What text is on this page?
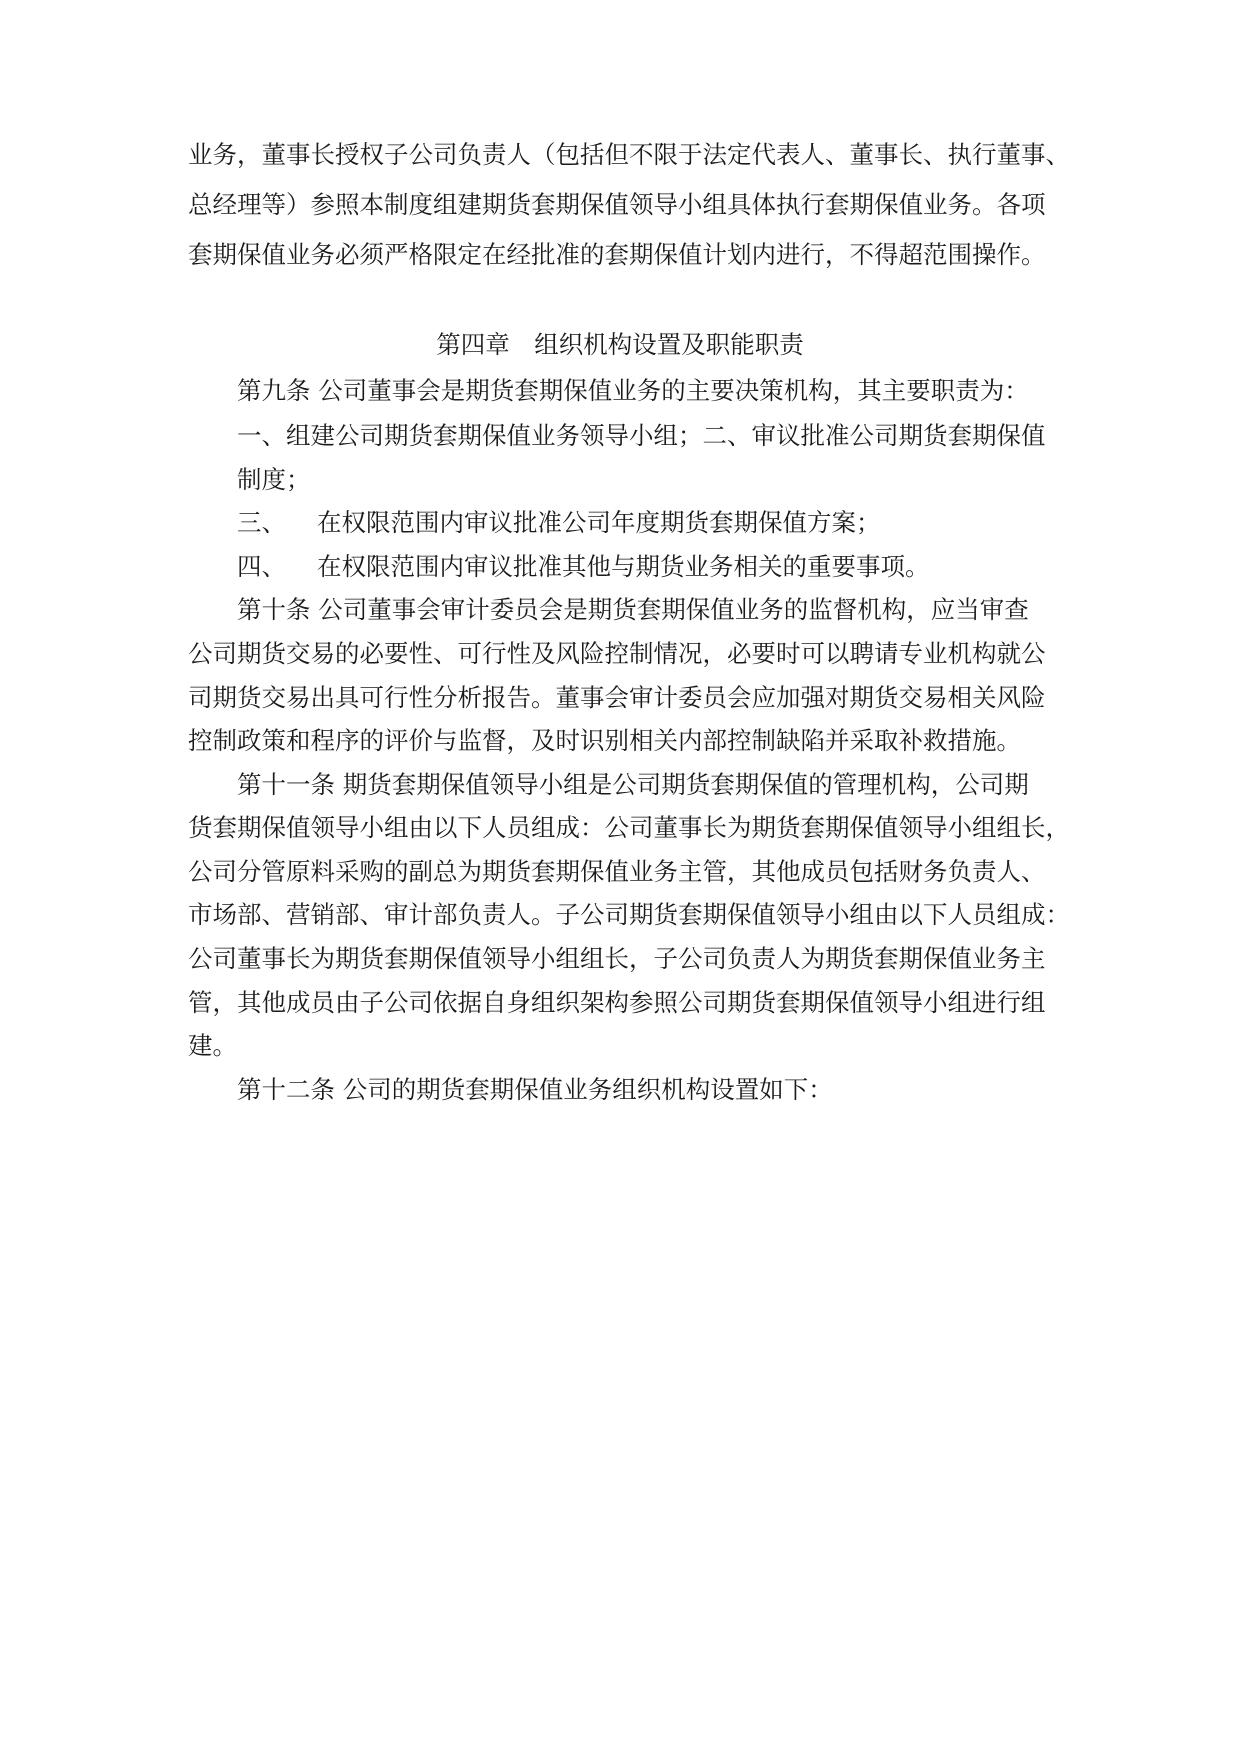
业务，董事长授权子公司负责人（包括但不限于法定代表人、董事长、执行董事、
总经理等）参照本制度组建期货套期保值领导小组具体执行套期保值业务。各项
套期保值业务必须严格限定在经批准的套期保值计划内进行，不得超范围操作。
第四章　组织机构设置及职能职责
第九条 公司董事会是期货套期保值业务的主要决策机构，其主要职责为：
一、组建公司期货套期保值业务领导小组；二、审议批准公司期货套期保值
制度；
三、 在权限范围内审议批准公司年度期货套期保值方案；
四、 在权限范围内审议批准其他与期货业务相关的重要事项。
第十条 公司董事会审计委员会是期货套期保值业务的监督机构，应当审查
公司期货交易的必要性、可行性及风险控制情况，必要时可以聘请专业机构就公
司期货交易出具可行性分析报告。董事会审计委员会应加强对期货交易相关风险
控制政策和程序的评价与监督，及时识别相关内部控制缺陷并采取补救措施。
第十一条 期货套期保值领导小组是公司期货套期保值的管理机构，公司期
货套期保值领导小组由以下人员组成：公司董事长为期货套期保值领导小组组长，
公司分管原料采购的副总为期货套期保值业务主管，其他成员包括财务负责人、
市场部、营销部、审计部负责人。子公司期货套期保值领导小组由以下人员组成：
公司董事长为期货套期保值领导小组组长，子公司负责人为期货套期保值业务主
管，其他成员由子公司依据自身组织架构参照公司期货套期保值领导小组进行组
建。
第十二条 公司的期货套期保值业务组织机构设置如下：
